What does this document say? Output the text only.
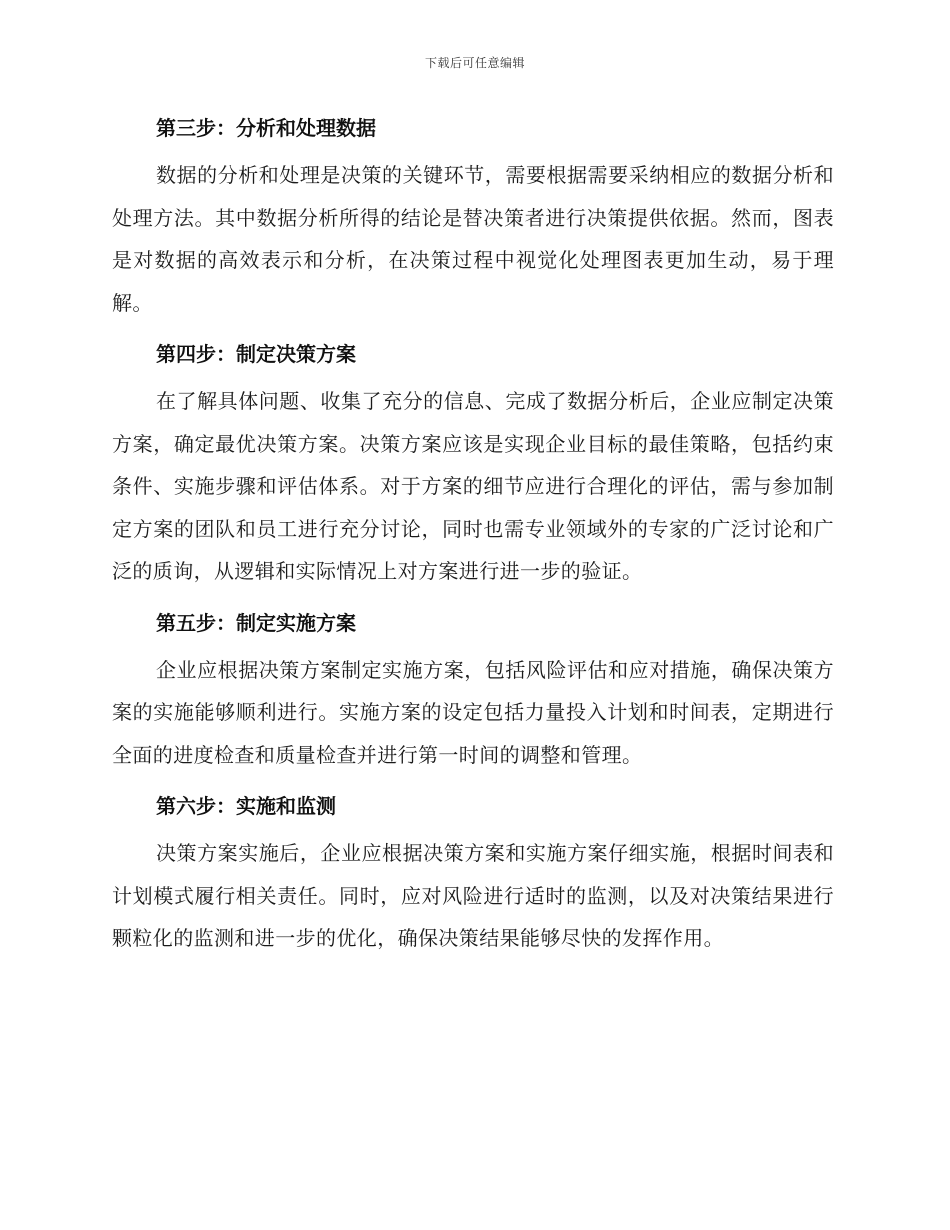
下载后可任意编辑
第三步：分析和处理数据

数据的分析和处理是决策的关键环节，需要根据需要采纳相应的数据分析和处理方法。其中数据分析所得的结论是替决策者进行决策提供依据。然而，图表是对数据的高效表示和分析，在决策过程中视觉化处理图表更加生动，易于理解。

第四步：制定决策方案

在了解具体问题、收集了充分的信息、完成了数据分析后，企业应制定决策方案，确定最优决策方案。决策方案应该是实现企业目标的最佳策略，包括约束条件、实施步骤和评估体系。对于方案的细节应进行合理化的评估，需与参加制定方案的团队和员工进行充分讨论，同时也需专业领域外的专家的广泛讨论和广泛的质询，从逻辑和实际情况上对方案进行进一步的验证。

第五步：制定实施方案

企业应根据决策方案制定实施方案，包括风险评估和应对措施，确保决策方案的实施能够顺利进行。实施方案的设定包括力量投入计划和时间表，定期进行全面的进度检查和质量检查并进行第一时间的调整和管理。

第六步：实施和监测

决策方案实施后，企业应根据决策方案和实施方案仔细实施，根据时间表和计划模式履行相关责任。同时，应对风险进行适时的监测，以及对决策结果进行颗粒化的监测和进一步的优化，确保决策结果能够尽快的发挥作用。
